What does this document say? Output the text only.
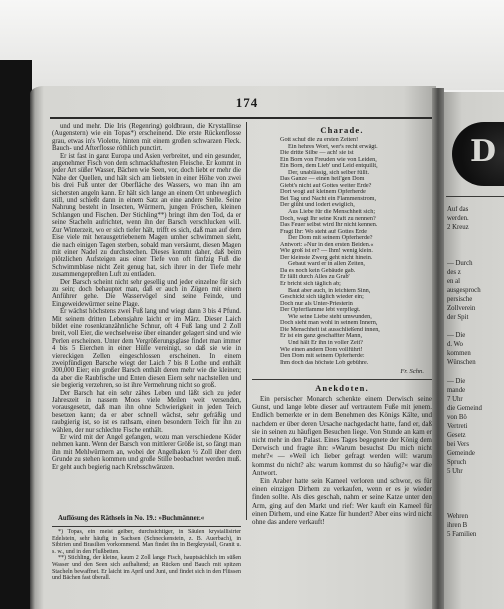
174

und und mehr. Die Iris (Regenring) goldbraun, die Krystallinse (Augenstern) wie ein Topas*) erscheinend. Die erste Rückenflosse grau, etwas in's Violette, hinten mit einem großen schwarzen Fleck. Bauch- und Afterflosse röthlich punctirt.

Er ist fast in ganz Europa und Asien verbreitet, und ein gesunder, angenehmer Fisch von dem schmackhaftesten Fleische. Er kommt in jeder Art süßer Wasser, Bächen wie Seen, vor, doch liebt er mehr die Nähe der Quellen, und hält sich am liebsten in einer Höhe von zwei bis drei Fuß unter der Oberfläche des Wassers, wo man ihn am sichersten angeln kann. Er hält sich lange an einem Ort unbeweglich still, und schießt dann in einem Satz an eine andere Stelle. Seine Nahrung besteht in Insecten, Würmern, jungen Fröschen, kleinen Schlangen und Fischen. Der Stichling**) bringt ihm den Tod, da er seine Stacheln aufrichtet, wenn ihn der Barsch verschlucken will. Zur Winterzeit, wo er sich tiefer hält, trifft es sich, daß man auf dem Eise viele mit herausgetriebenem Magen umher schwimmen sieht, die nach einigen Tagen sterben, sobald man versäumt, diesen Magen mit einer Nadel zu durchstechen. Dieses kommt daher, daß beim plötzlichen Aufsteigen aus einer Tiefe von oft fünfzig Fuß die Schwimmblase nicht Zeit genug hat, sich ihrer in der Tiefe mehr zusammengepreßten Luft zu entladen.

Der Barsch scheint nicht sehr gesellig und jeder einzelne für sich zu sein; doch behauptet man, daß er auch in Zügen mit einem Anführer gehe. Die Wasservögel sind seine Feinde, und Eingeweidewürmer seine Plage.

Er wächst höchstens zwei Fuß lang und wiegt dann 3 bis 4 Pfund. Mit seinem dritten Lebensjahre laicht er im März. Dieser Laich bildet eine rosenkranzähnliche Schnur, oft 4 Fuß lang und 2 Zoll breit, voll Eier, die wechselweise über einander gelagert sind und wie Perlen erscheinen. Unter dem Vergrößerungsglase findet man immer 4 bis 5 Eierchen in einer Hülle vereinigt, so daß sie wie in viereckigen Zellen eingeschlossen erscheinen. In einem zweipfündigen Barsche wiegt der Laich 7 bis 8 Lothe und enthält 300,000 Eier; ein großer Barsch enthält deren mehr wie die kleinen; da aber die Raubfische und Enten diesen Eiern sehr nachstellen und sie begierig verzehren, so ist ihre Vermehrung nicht so groß.

Der Barsch hat ein sehr zähes Leben und läßt sich zu jeder Jahreszeit in nassem Moos viele Meilen weit versenden, vorausgesetzt, daß man ihn ohne Schwierigkeit in jeden Teich besetzen kann; da er aber schnell wächst, sehr gefräßig und raubgierig ist, so ist es rathsam, einen besondern Teich für ihn zu wählen, der nur schlechte Fische enthält.

Er wird mit der Angel gefangen, wozu man verschiedene Köder nehmen kann. Wenn der Barsch von mittlerer Größe ist, so fängt man ihn mit Mehlwürmern an, wobei der Angelhaken ½ Zoll über dem Grunde zu stehen kommen und große Stille beobachtet werden muß. Er geht auch begierig nach Krebsschwänzen.

Auflösung des Räthsels in No. 19.: »Buchmänner.«

*) Topas, ein meist gelber, durchsichtiger, in Säulen krystallisirter Edelstein, sehr häufig in Sachsen (Schneckenstein, z. B. Auerbach), in Sibirien und Brasilien vorkommend. Man findet ihn in Bergkrystall, Granit u. s. w., und in den Flußbetten.

**) Stichling, der kleine, kaum 2 Zoll lange Fisch, hauptsächlich im süßen Wasser und den Seen sich aufhaltend; an Rücken und Bauch mit spitzen Stacheln bewaffnet. Er laicht im April und Juni, und findet sich in den Flüssen und Bächen fast überall.

Charade.
Gott schuf die zu ersten Zeiten!
Ein hehres Wort, wer's recht erwägt.
Die dritte Silbe — ach! sie ist
Ein Born von Freuden wie von Leiden,
Ein Born, dem Lieb' und Leid entquillt,
Der, unablässig, sich selber füllt.
Das Ganze — einen heil'gen Dom
Giebt's nicht auf Gottes weiter Erde?
Dort wogt auf kleinem Opferherde
Bei Tag und Nacht ein Flammenstrom,
Der glüht und lodert ewiglich,
Aus Liebe für die Menschheit sich;
Doch, wagt Ihr seine Kraft zu nennen?
Das Feuer selbst wird Ihr nicht kennen.
Fragt Ihr: Wo steht auf Gottes Erde
Der Dom mit seinem Opferherde?
Antwort: »Nur in den ersten Beiden.«
Wie groß ist er? — Ihm! wenig klein.
Der kleinste Zwerg geht nicht hinein.
Gebaut ward er in allen Zeiten,
Da es noch kein Gebäude gab.
Er fällt durch Alles zu Grab'
Er bricht sich täglich ab;
Baut aber auch, in leichtem Sinn,
Geschickt sich täglich wieder ein;
Doch nur als Unter-Priesterin
Der Opferflamme lebt verpflegt.
Wie seine Liebe steht umwunden,
Doch sieht man wohl in seinem Innern,
Die Menschheit ist ausschließend innen,
Er ist ein ganz geschaffter Mann,
Und hält Er ihn in voller Zeit?
Wie einen andern Dom vollführt!
Den Dom mit seinem Opferherde:
Ihm doch das höchste Lob gebühre.
Fr. Schn.
Anekdoten.

Ein persischer Monarch schenkte einem Derwisch seine Gunst, und lange lebte dieser auf vertrautem Fuße mit jenem. Endlich bemerkte er in dem Benehmen des Königs Kälte, und nachdem er über deren Ursache nachgedacht hatte, fand er, daß sie in seinen zu häufigen Besuchen liege. Von Stunde an kam er nicht mehr in den Palast. Eines Tages begegnete der König dem Derwisch und fragte ihn: »Warum besuchst Du mich nicht mehr?« — »Weil ich lieber gefragt werden will: warum kommst du nicht? als: warum kommst du so häufig?« war die Antwort.

Ein Araber hatte sein Kameel verloren und schwor, es für einen einzigen Dirhem zu verkaufen, wenn er es je wieder finden sollte. Als dies geschah, nahm er seine Katze unter den Arm, ging auf den Markt und rief: Wer kauft ein Kameel für einen Dirhem, und eine Katze für hundert? Aber eins wird nicht ohne das andere verkauft!

D
Auf das
werden.
2 Kreuz
— Durch
des z
en al
ausgesproch
persische
Zollverein
der Spit
— Die
d. Wo
kommen
Wünschen
— Die
mande
7 Uhr
die Gemeind
von Bö
Vertreti
Gesetz
bei Vers
Gemeinde
Spruch
5 Uhr
Wehren
ihren B
5 Familien
